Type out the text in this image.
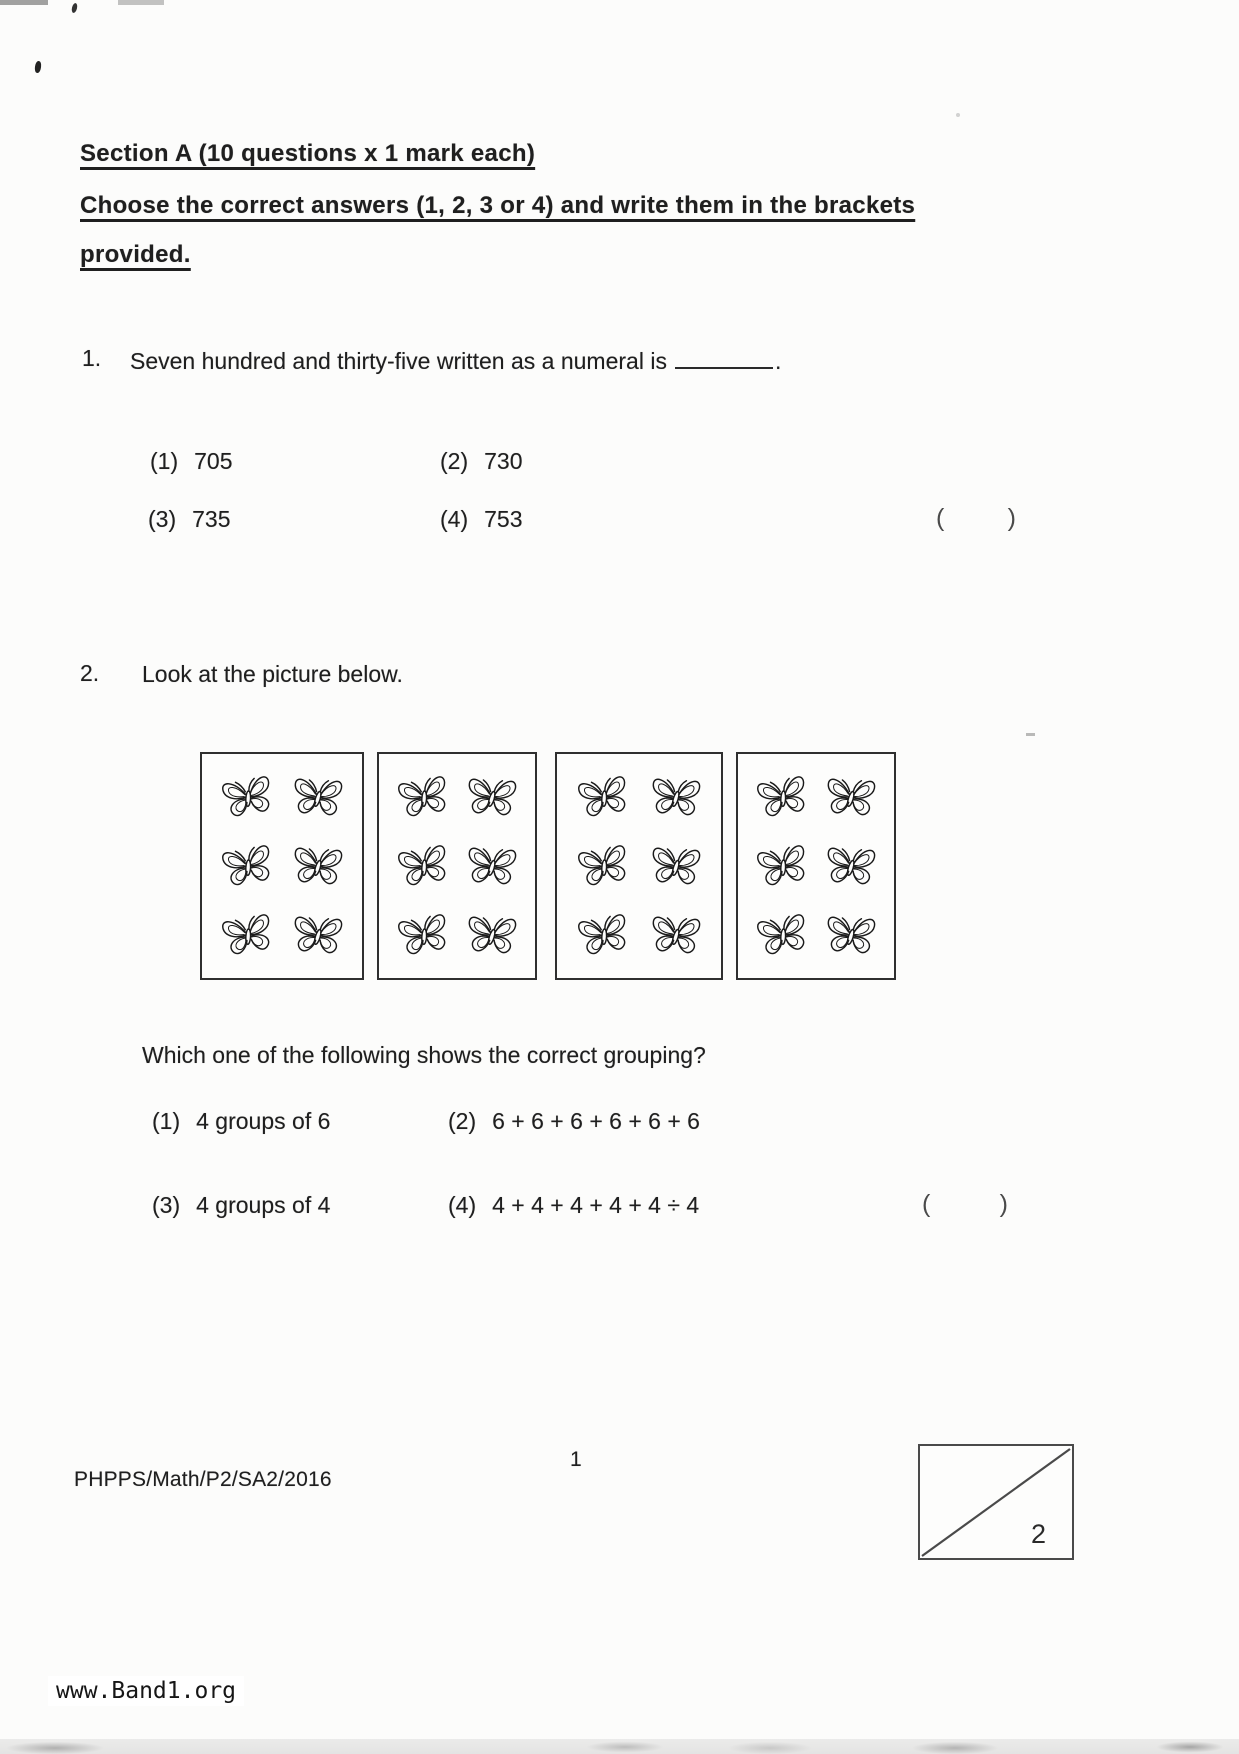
Section A (10 questions x 1 mark each)
Choose the correct answers (1, 2, 3 or 4) and write them in the brackets
provided.
1. Seven hundred and thirty-five written as a numeral is	.
(1) 705	(2) 730
(3) 735	(4) 753	(	)
2. Look at the picture below.
Which one of the following shows the correct grouping?
(1) 4 groups of 6	(2) 6 + 6 + 6 + 6 + 6 + 6
(3) 4 groups of 4	(4) 4 + 4 + 4 + 4 + 4 ÷ 4	(	)
1
PHPPS/Math/P2/SA2/2016
2
www.Band1.org
